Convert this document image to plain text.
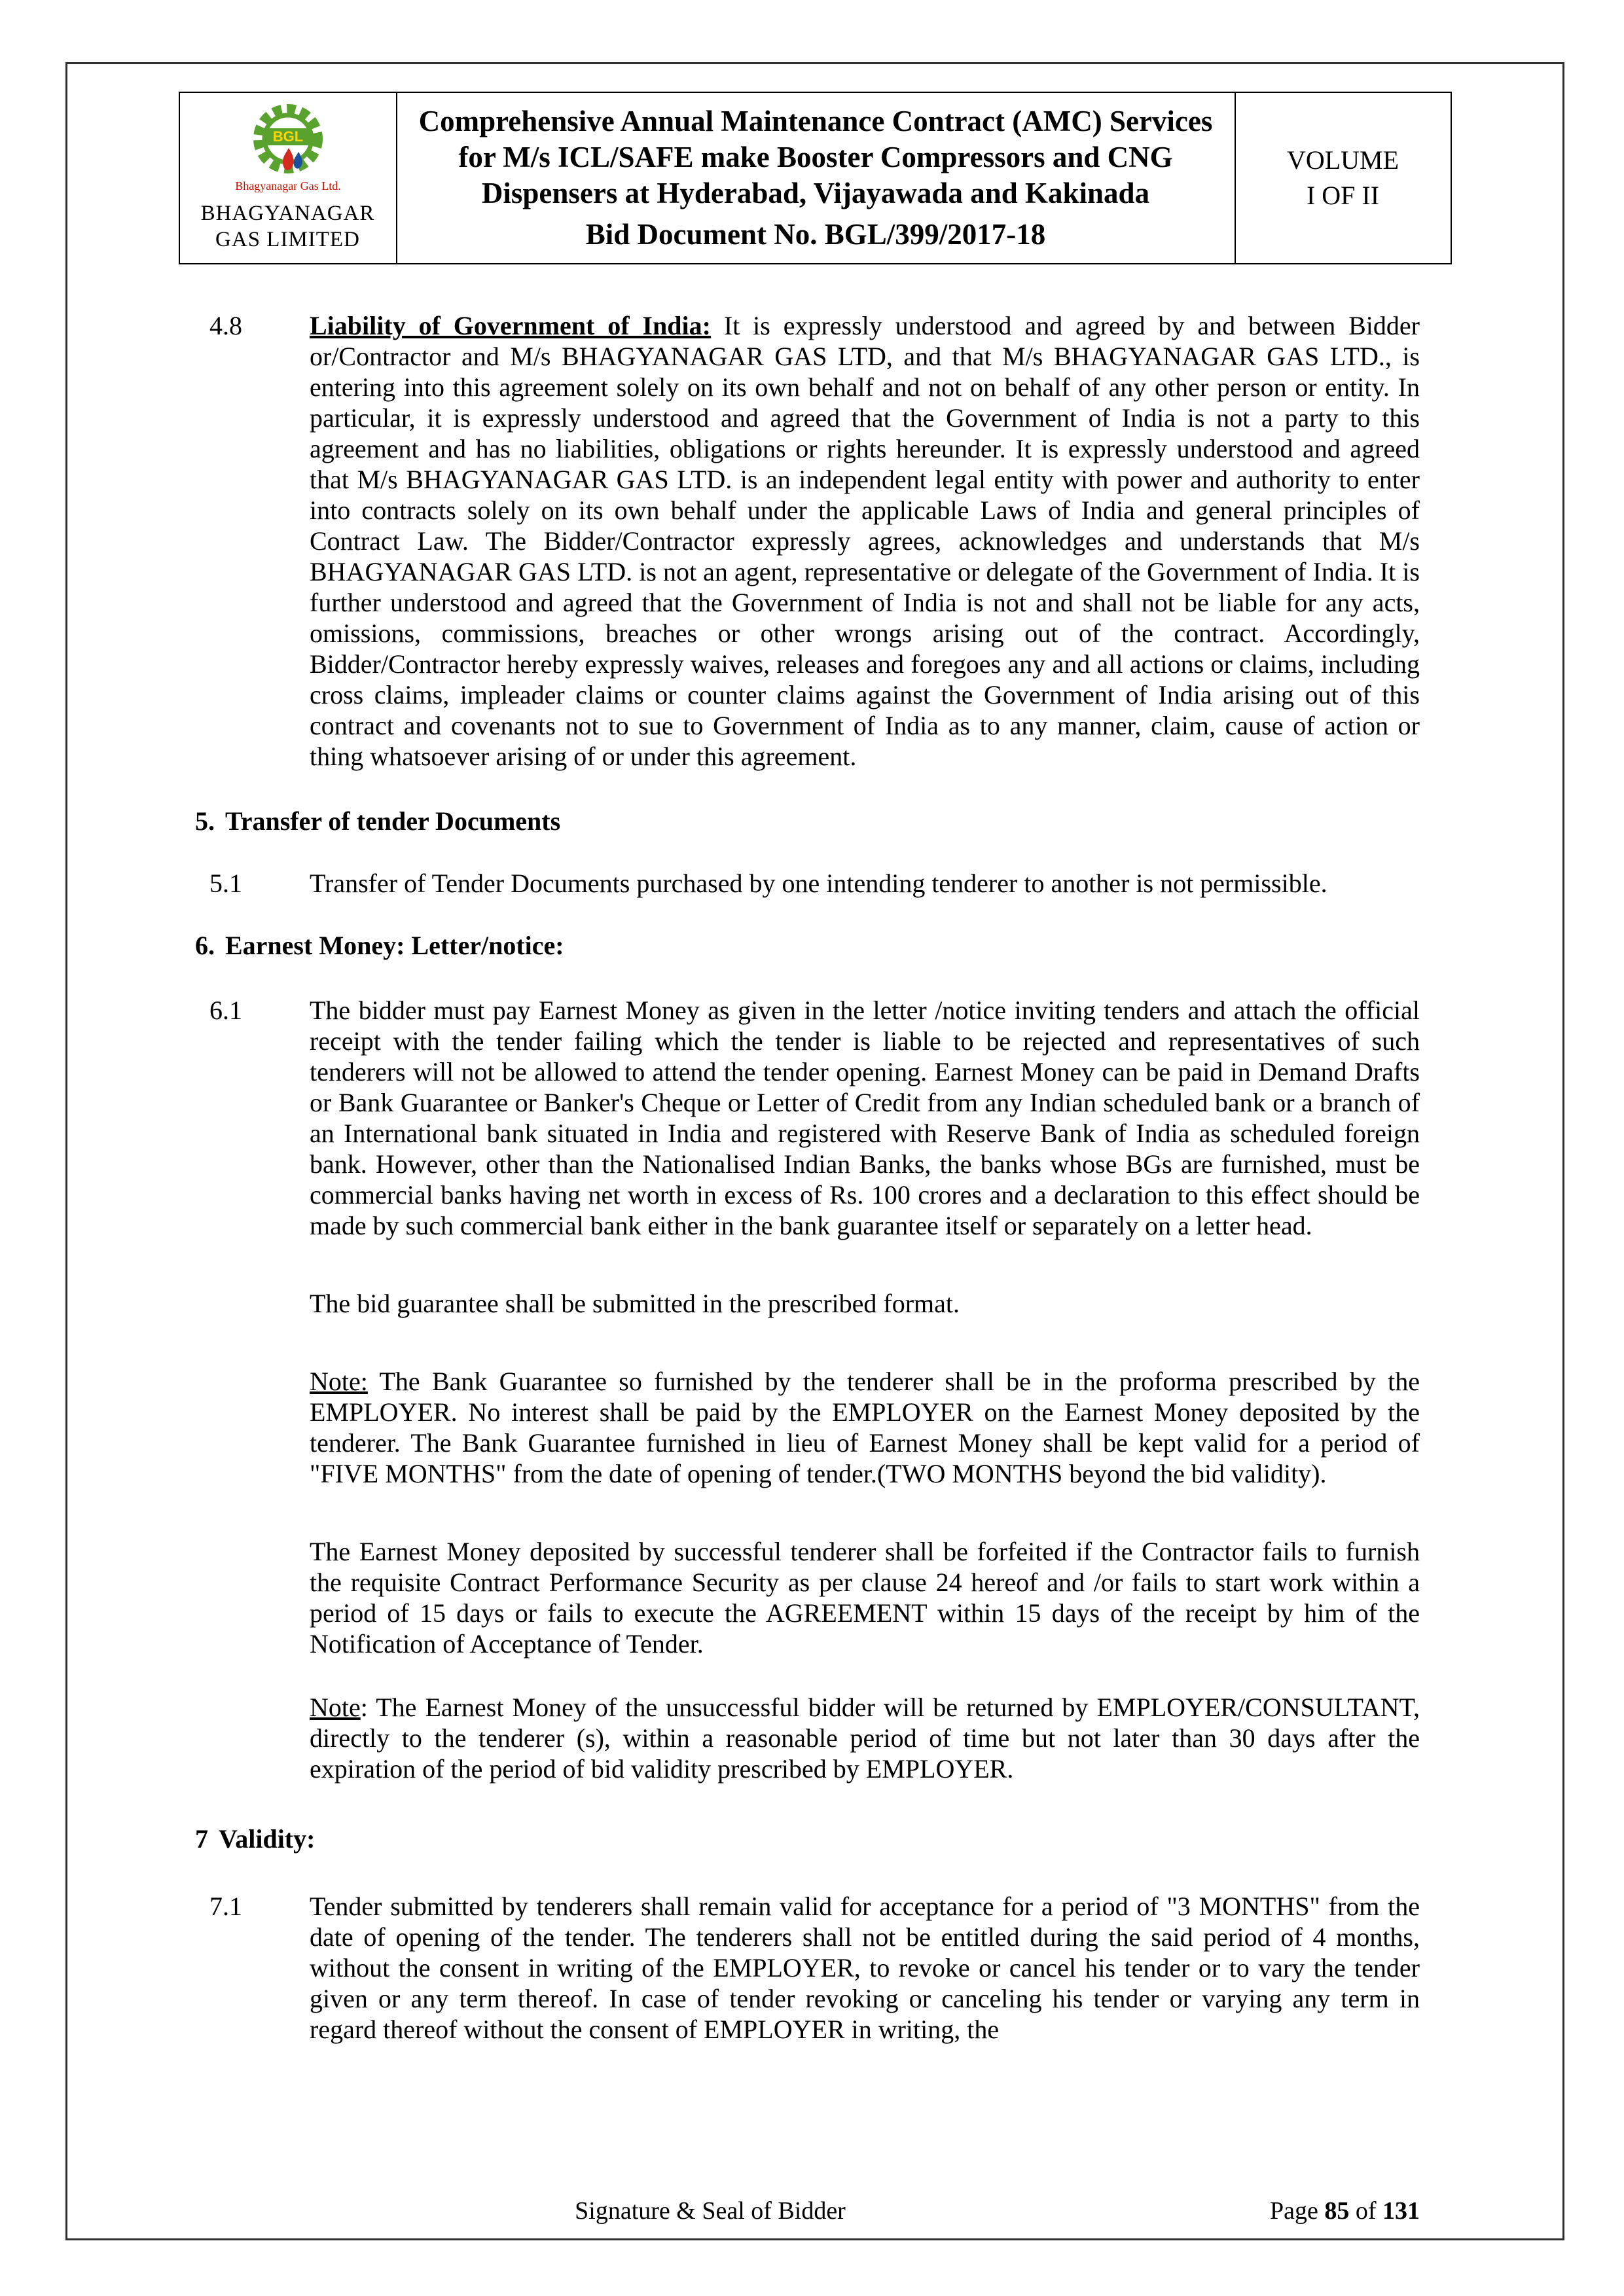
BGL
Bhagyanagar Gas Ltd.
BHAGYANAGAR
GAS LIMITED
Comprehensive Annual Maintenance Contract (AMC) Services for M/s ICL/SAFE make Booster Compressors and CNG Dispensers at Hyderabad, Vijayawada and Kakinada
Bid Document No. BGL/399/2017-18
VOLUME
I OF II
4.8	Liability of Government of India: It is expressly understood and agreed by and between Bidder or/Contractor and M/s BHAGYANAGAR GAS LTD, and that M/s BHAGYANAGAR GAS LTD., is entering into this agreement solely on its own behalf and not on behalf of any other person or entity. In particular, it is expressly understood and agreed that the Government of India is not a party to this agreement and has no liabilities, obligations or rights hereunder. It is expressly understood and agreed that M/s BHAGYANAGAR GAS LTD. is an independent legal entity with power and authority to enter into contracts solely on its own behalf under the applicable Laws of India and general principles of Contract Law. The Bidder/Contractor expressly agrees, acknowledges and understands that M/s BHAGYANAGAR GAS LTD. is not an agent, representative or delegate of the Government of India. It is further understood and agreed that the Government of India is not and shall not be liable for any acts, omissions, commissions, breaches or other wrongs arising out of the contract. Accordingly, Bidder/Contractor hereby expressly waives, releases and foregoes any and all actions or claims, including cross claims, impleader claims or counter claims against the Government of India arising out of this contract and covenants not to sue to Government of India as to any manner, claim, cause of action or thing whatsoever arising of or under this agreement.
5. Transfer of tender Documents
5.1	Transfer of Tender Documents purchased by one intending tenderer to another is not permissible.
6. Earnest Money: Letter/notice:
6.1	The bidder must pay Earnest Money as given in the letter /notice inviting tenders and attach the official receipt with the tender failing which the tender is liable to be rejected and representatives of such tenderers will not be allowed to attend the tender opening. Earnest Money can be paid in Demand Drafts or Bank Guarantee or Banker's Cheque or Letter of Credit from any Indian scheduled bank or a branch of an International bank situated in India and registered with Reserve Bank of India as scheduled foreign bank. However, other than the Nationalised Indian Banks, the banks whose BGs are furnished, must be commercial banks having net worth in excess of Rs. 100 crores and a declaration to this effect should be made by such commercial bank either in the bank guarantee itself or separately on a letter head.
The bid guarantee shall be submitted in the prescribed format.
Note: The Bank Guarantee so furnished by the tenderer shall be in the proforma prescribed by the EMPLOYER. No interest shall be paid by the EMPLOYER on the Earnest Money deposited by the tenderer. The Bank Guarantee furnished in lieu of Earnest Money shall be kept valid for a period of "FIVE MONTHS" from the date of opening of tender.(TWO MONTHS beyond the bid validity).
The Earnest Money deposited by successful tenderer shall be forfeited if the Contractor fails to furnish the requisite Contract Performance Security as per clause 24 hereof and /or fails to start work within a period of 15 days or fails to execute the AGREEMENT within 15 days of the receipt by him of the Notification of Acceptance of Tender.
Note: The Earnest Money of the unsuccessful bidder will be returned by EMPLOYER/CONSULTANT, directly to the tenderer (s), within a reasonable period of time but not later than 30 days after the expiration of the period of bid validity prescribed by EMPLOYER.
7 Validity:
7.1	Tender submitted by tenderers shall remain valid for acceptance for a period of "3 MONTHS" from the date of opening of the tender. The tenderers shall not be entitled during the said period of 4 months, without the consent in writing of the EMPLOYER, to revoke or cancel his tender or to vary the tender given or any term thereof. In case of tender revoking or canceling his tender or varying any term in regard thereof without the consent of EMPLOYER in writing, the
Signature & Seal of Bidder	Page 85 of 131
